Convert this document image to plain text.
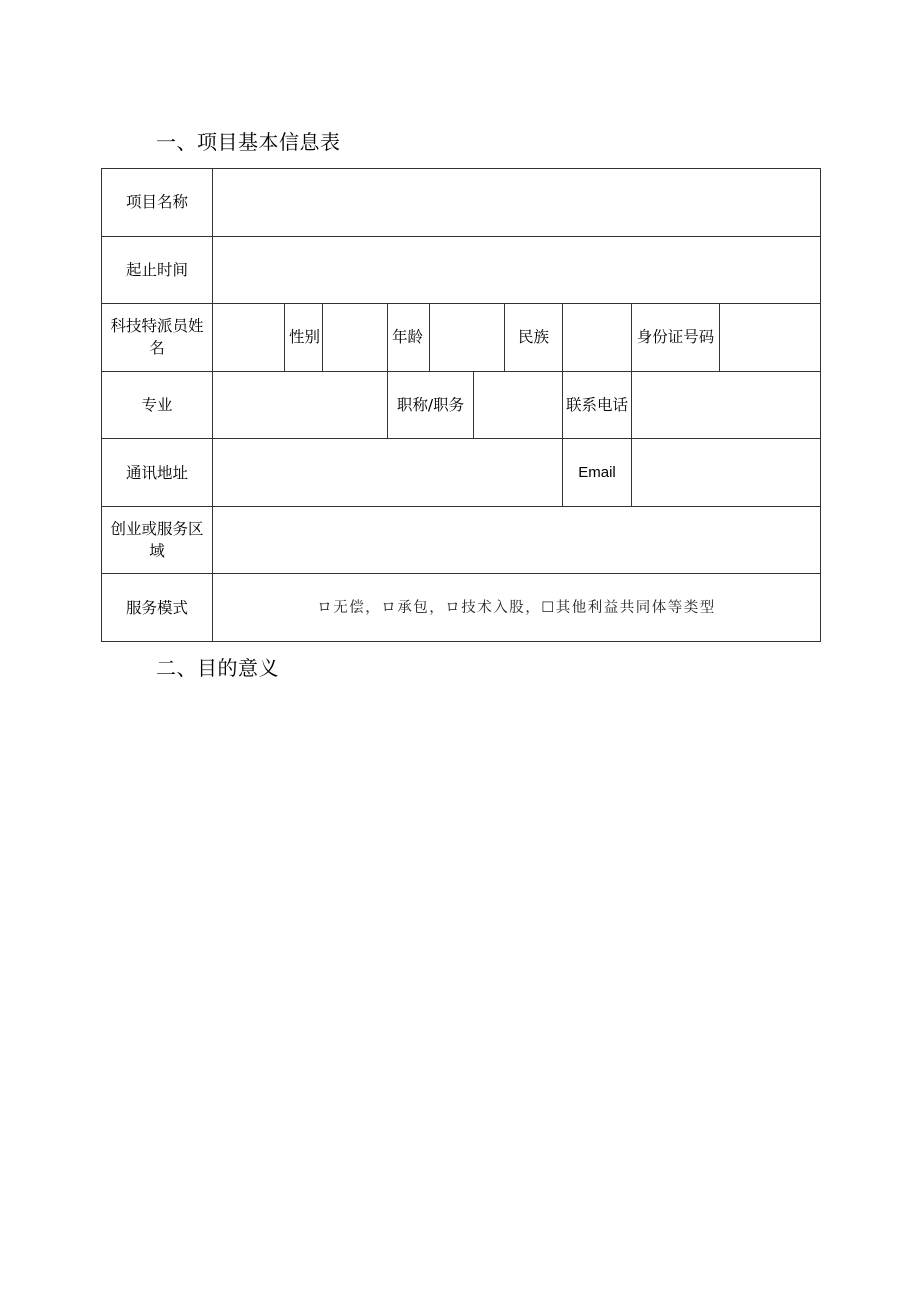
一、项目基本信息表
项目名称										
起止时间										
科技特派员姓名		性别		年龄			民族		身份证号码	
专业				职称/职务				联系电话		
通讯地址								Email		
创业或服务区域										
服务模式	ロ无偿，ロ承包，ロ技术入股，☐其他利益共同体等类型									
二、目的意义
